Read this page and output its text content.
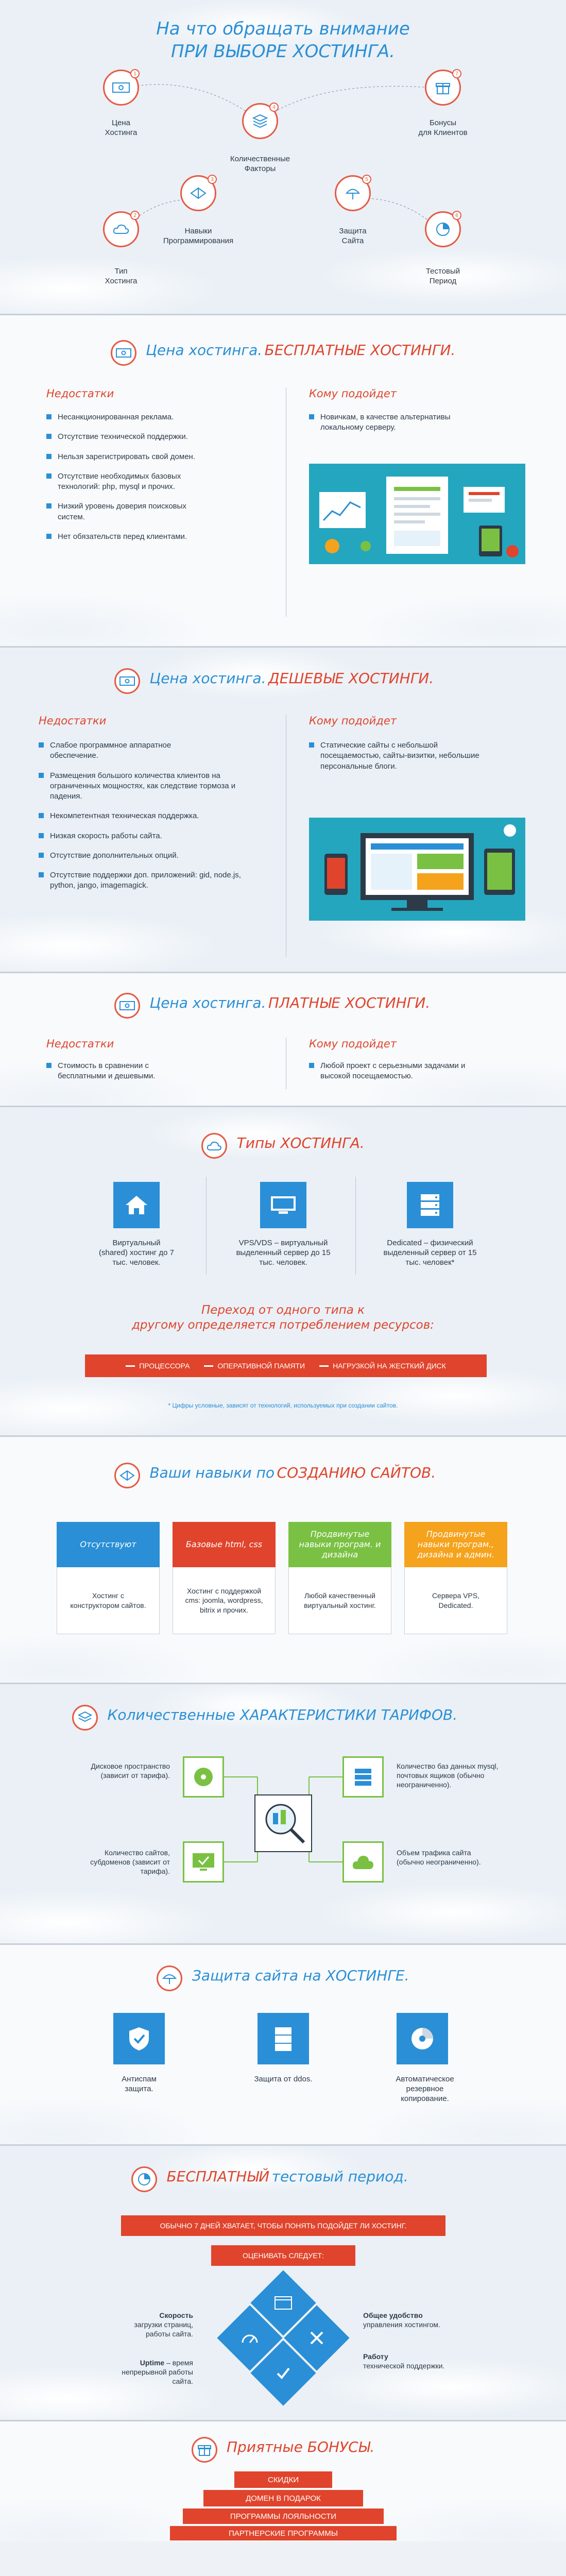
На что обращать внимание
ПРИ ВЫБОРЕ ХОСТИНГА.
1
Цена
Хостинга
7
Бонусы
для Клиентов
4
Количественные
Факторы
3
Навыки
Программирования
5
Защита
Сайта
2
Тип
Хостинга
6
Тестовый
Период
Цена хостинга. БЕСПЛАТНЫЕ ХОСТИНГИ.
Недостатки	Кому подойдет
Несанкционированная реклама.
Отсутствие технической поддержки.
Нельзя зарегистрировать свой домен.
Отсутствие необходимых базовых технологий: php, mysql и прочих.
Низкий уровень доверия поисковых систем.
Нет обязательств перед клиентами.
Новичкам, в качестве альтернативы локальному серверу.
Цена хостинга. ДЕШЕВЫЕ ХОСТИНГИ.
Недостатки	Кому подойдет
Слабое программное аппаратное обеспечение.
Размещения большого количества клиентов на ограниченных мощностях, как следствие тормоза и падения.
Некомпетентная техническая поддержка.
Низкая скорость работы сайта.
Отсутствие дополнительных опций.
Отсутствие поддержки доп. приложений: gid, node.js, python, jango, imagemagick.
Статические сайты с небольшой посещаемостью, сайты-визитки, небольшие персональные блоги.
Цена хостинга. ПЛАТНЫЕ ХОСТИНГИ.
Недостатки	Кому подойдет
Стоимость в сравнении с бесплатными и дешевыми.
Любой проект с серьезными задачами и высокой посещаемостью.
Типы ХОСТИНГА.
Виртуальный (shared) хостинг до 7 тыс. человек.
VPS/VDS – виртуальный выделенный сервер до 15 тыс. человек.
Dedicated – физический выделенный сервер от 15 тыс. человек*
Переход от одного типа к
другому определяется потреблением ресурсов:
ПРОЦЕССОРА	ОПЕРАТИВНОЙ ПАМЯТИ	НАГРУЗКОЙ НА ЖЕСТКИЙ ДИСК
* Цифры условные, зависят от технологий, используемых при создании сайтов.
Ваши навыки по СОЗДАНИЮ САЙТОВ.
Отсутствуют
Хостинг с конструктором сайтов.
Базовые html, css
Хостинг с поддержкой cms: joomla, wordpress, bitrix и прочих.
Продвинутые навыки програм. и дизайна
Любой качественный виртуальный хостинг.
Продвинутые навыки програм., дизайна и админ.
Сервера VPS, Dedicated.
Количественные ХАРАКТЕРИСТИКИ ТАРИФОВ.
Дисковое пространство (зависит от тарифа).
Количество баз данных mysql, почтовых ящиков (обычно неограниченно).
Количество сайтов, субдоменов (зависит от тарифа).
Объем трафика сайта (обычно неограниченно).
Защита сайта на ХОСТИНГЕ.
Антиспам защита.
Защита от ddos.	Автоматическое резервное копирование.
БЕСПЛАТНЫЙ тестовый период.
ОБЫЧНО 7 ДНЕЙ ХВАТАЕТ, ЧТОБЫ ПОНЯТЬ ПОДОЙДЕТ ЛИ ХОСТИНГ.
ОЦЕНИВАТЬ СЛЕДУЕТ:
Скорость
загрузки страниц, работы сайта.
Uptime – время непрерывной работы сайта.
Общее удобство
управления хостингом.
Работу
технической поддержки.
Приятные БОНУСЫ.
СКИДКИ
ДОМЕН В ПОДАРОК
ПРОГРАММЫ ЛОЯЛЬНОСТИ
ПАРТНЕРСКИЕ ПРОГРАММЫ
